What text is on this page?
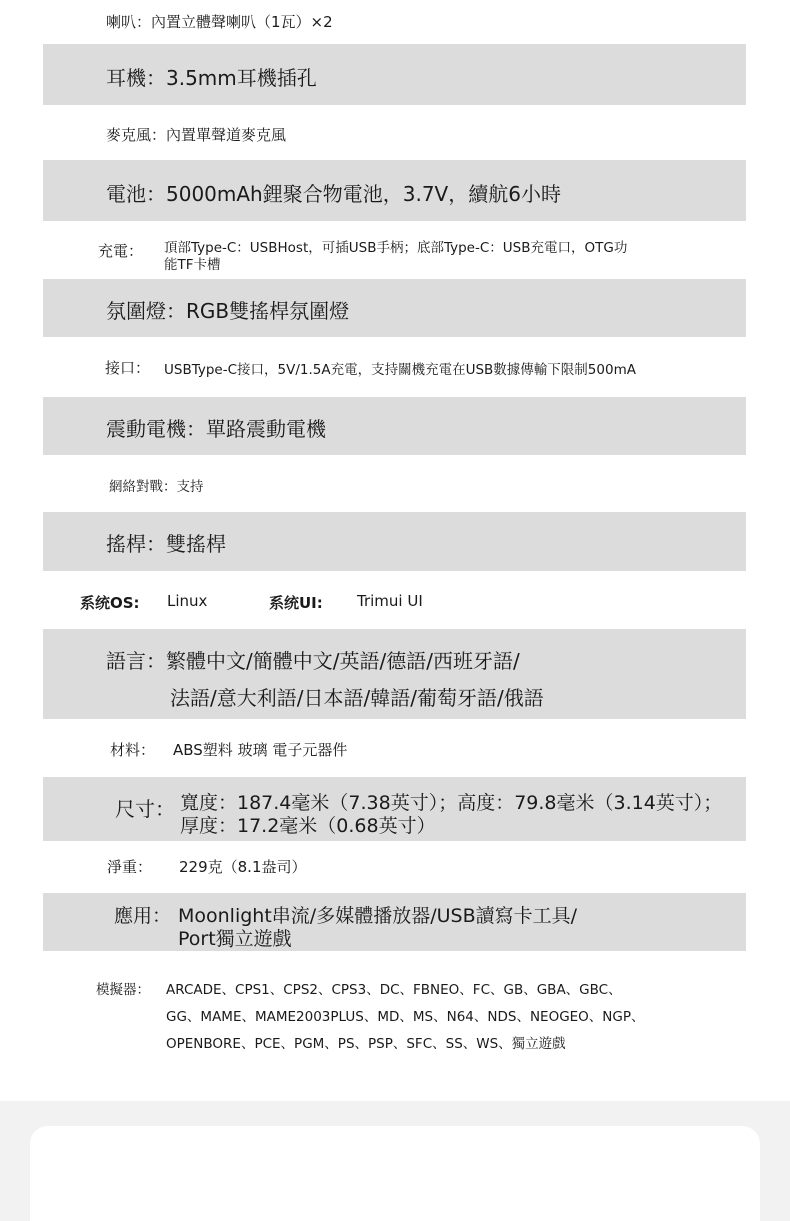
喇叭：內置立體聲喇叭（1瓦）×2
耳機：3.5mm耳機插孔
麥克風：內置單聲道麥克風
電池：5000mAh鋰聚合物電池，3.7V，續航6小時
充電： 頂部Type-C：USBHost，可插USB手柄；底部Type-C：USB充電口，OTG功
能TF卡槽
氛圍燈：RGB雙搖桿氛圍燈
接口： USBType-C接口，5V/1.5A充電，支持關機充電在USB數據傳輸下限制500mA
震動電機：單路震動電機
網絡對戰：支持
搖桿：雙搖桿
系统OS: Linux	系统UI: Trimui UI
語言：繁體中文/簡體中文/英語/德語/西班牙語/
法語/意大利語/日本語/韓語/葡萄牙語/俄語
材料： ABS塑料 玻璃 電子元器件
尺寸： 寬度：187.4毫米（7.38英寸）；高度：79.8毫米（3.14英寸）；
厚度：17.2毫米（0.68英寸）
淨重： 229克（8.1盎司）
應用： Moonlight串流/多媒體播放器/USB讀寫卡工具/
Port獨立遊戲
模擬器： ARCADE、CPS1、CPS2、CPS3、DC、FBNEO、FC、GB、GBA、GBC、
GG、MAME、MAME2003PLUS、MD、MS、N64、NDS、NEOGEO、NGP、
OPENBORE、PCE、PGM、PS、PSP、SFC、SS、WS、獨立遊戲
